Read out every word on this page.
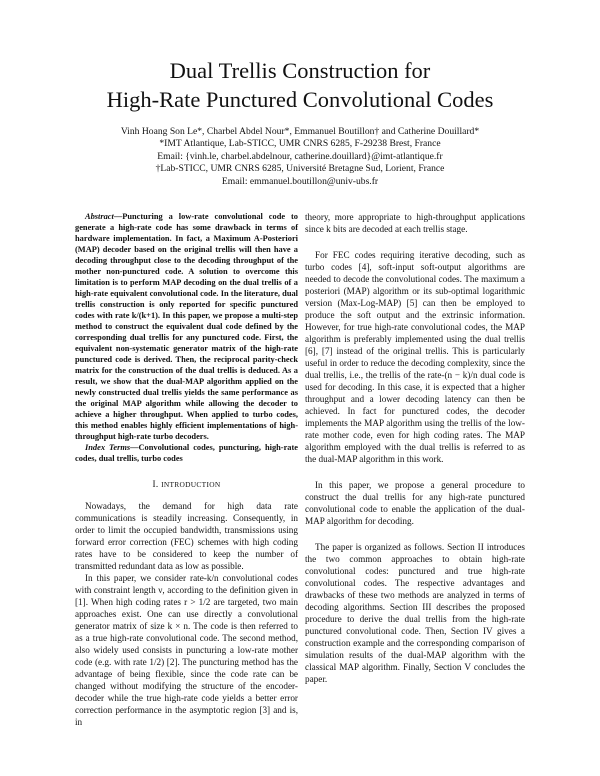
Dual Trellis Construction for
High-Rate Punctured Convolutional Codes
Vinh Hoang Son Le*, Charbel Abdel Nour*, Emmanuel Boutillon† and Catherine Douillard*
*IMT Atlantique, Lab-STICC, UMR CNRS 6285, F-29238 Brest, France
Email: {vinh.le, charbel.abdelnour, catherine.douillard}@imt-atlantique.fr
†Lab-STICC, UMR CNRS 6285, Université Bretagne Sud, Lorient, France
Email: emmanuel.boutillon@univ-ubs.fr

Abstract—Puncturing a low-rate convolutional code to generate a high-rate code has some drawback in terms of hardware implementation. In fact, a Maximum A-Posteriori (MAP) decoder based on the original trellis will then have a decoding throughput close to the decoding throughput of the mother non-punctured code. A solution to overcome this limitation is to perform MAP decoding on the dual trellis of a high-rate equivalent convolutional code. In the literature, dual trellis construction is only reported for specific punctured codes with rate k/(k+1). In this paper, we propose a multi-step method to construct the equivalent dual code defined by the corresponding dual trellis for any punctured code. First, the equivalent non-systematic generator matrix of the high-rate punctured code is derived. Then, the reciprocal parity-check matrix for the construction of the dual trellis is deduced. As a result, we show that the dual-MAP algorithm applied on the newly constructed dual trellis yields the same performance as the original MAP algorithm while allowing the decoder to achieve a higher throughput. When applied to turbo codes, this method enables highly efficient implementations of high-throughput high-rate turbo decoders.

Index Terms—Convolutional codes, puncturing, high-rate codes, dual trellis, turbo codes

I. INTRODUCTION

Nowadays, the demand for high data rate communications is steadily increasing. Consequently, in order to limit the occupied bandwidth, transmissions using forward error correction (FEC) schemes with high coding rates have to be considered to keep the number of transmitted redundant data as low as possible.

In this paper, we consider rate-k/n convolutional codes with constraint length ν, according to the definition given in [1]. When high coding rates r > 1/2 are targeted, two main approaches exist. One can use directly a convolutional generator matrix of size k × n. The code is then referred to as a true high-rate convolutional code. The second method, also widely used consists in puncturing a low-rate mother code (e.g. with rate 1/2) [2]. The puncturing method has the advantage of being flexible, since the code rate can be changed without modifying the structure of the encoder-decoder while the true high-rate code yields a better error correction performance in the asymptotic region [3] and is, in

theory, more appropriate to high-throughput applications since k bits are decoded at each trellis stage.

For FEC codes requiring iterative decoding, such as turbo codes [4], soft-input soft-output algorithms are needed to decode the convolutional codes. The maximum a posteriori (MAP) algorithm or its sub-optimal logarithmic version (Max-Log-MAP) [5] can then be employed to produce the soft output and the extrinsic information. However, for true high-rate convolutional codes, the MAP algorithm is preferably implemented using the dual trellis [6], [7] instead of the original trellis. This is particularly useful in order to reduce the decoding complexity, since the dual trellis, i.e., the trellis of the rate-(n − k)/n dual code is used for decoding. In this case, it is expected that a higher throughput and a lower decoding latency can then be achieved. In fact for punctured codes, the decoder implements the MAP algorithm using the trellis of the low-rate mother code, even for high coding rates. The MAP algorithm employed with the dual trellis is referred to as the dual-MAP algorithm in this work.

In this paper, we propose a general procedure to construct the dual trellis for any high-rate punctured convolutional code to enable the application of the dual-MAP algorithm for decoding.

The paper is organized as follows. Section II introduces the two common approaches to obtain high-rate convolutional codes: punctured and true high-rate convolutional codes. The respective advantages and drawbacks of these two methods are analyzed in terms of decoding algorithms. Section III describes the proposed procedure to derive the dual trellis from the high-rate punctured convolutional code. Then, Section IV gives a construction example and the corresponding comparison of simulation results of the dual-MAP algorithm with the classical MAP algorithm. Finally, Section V concludes the paper.
